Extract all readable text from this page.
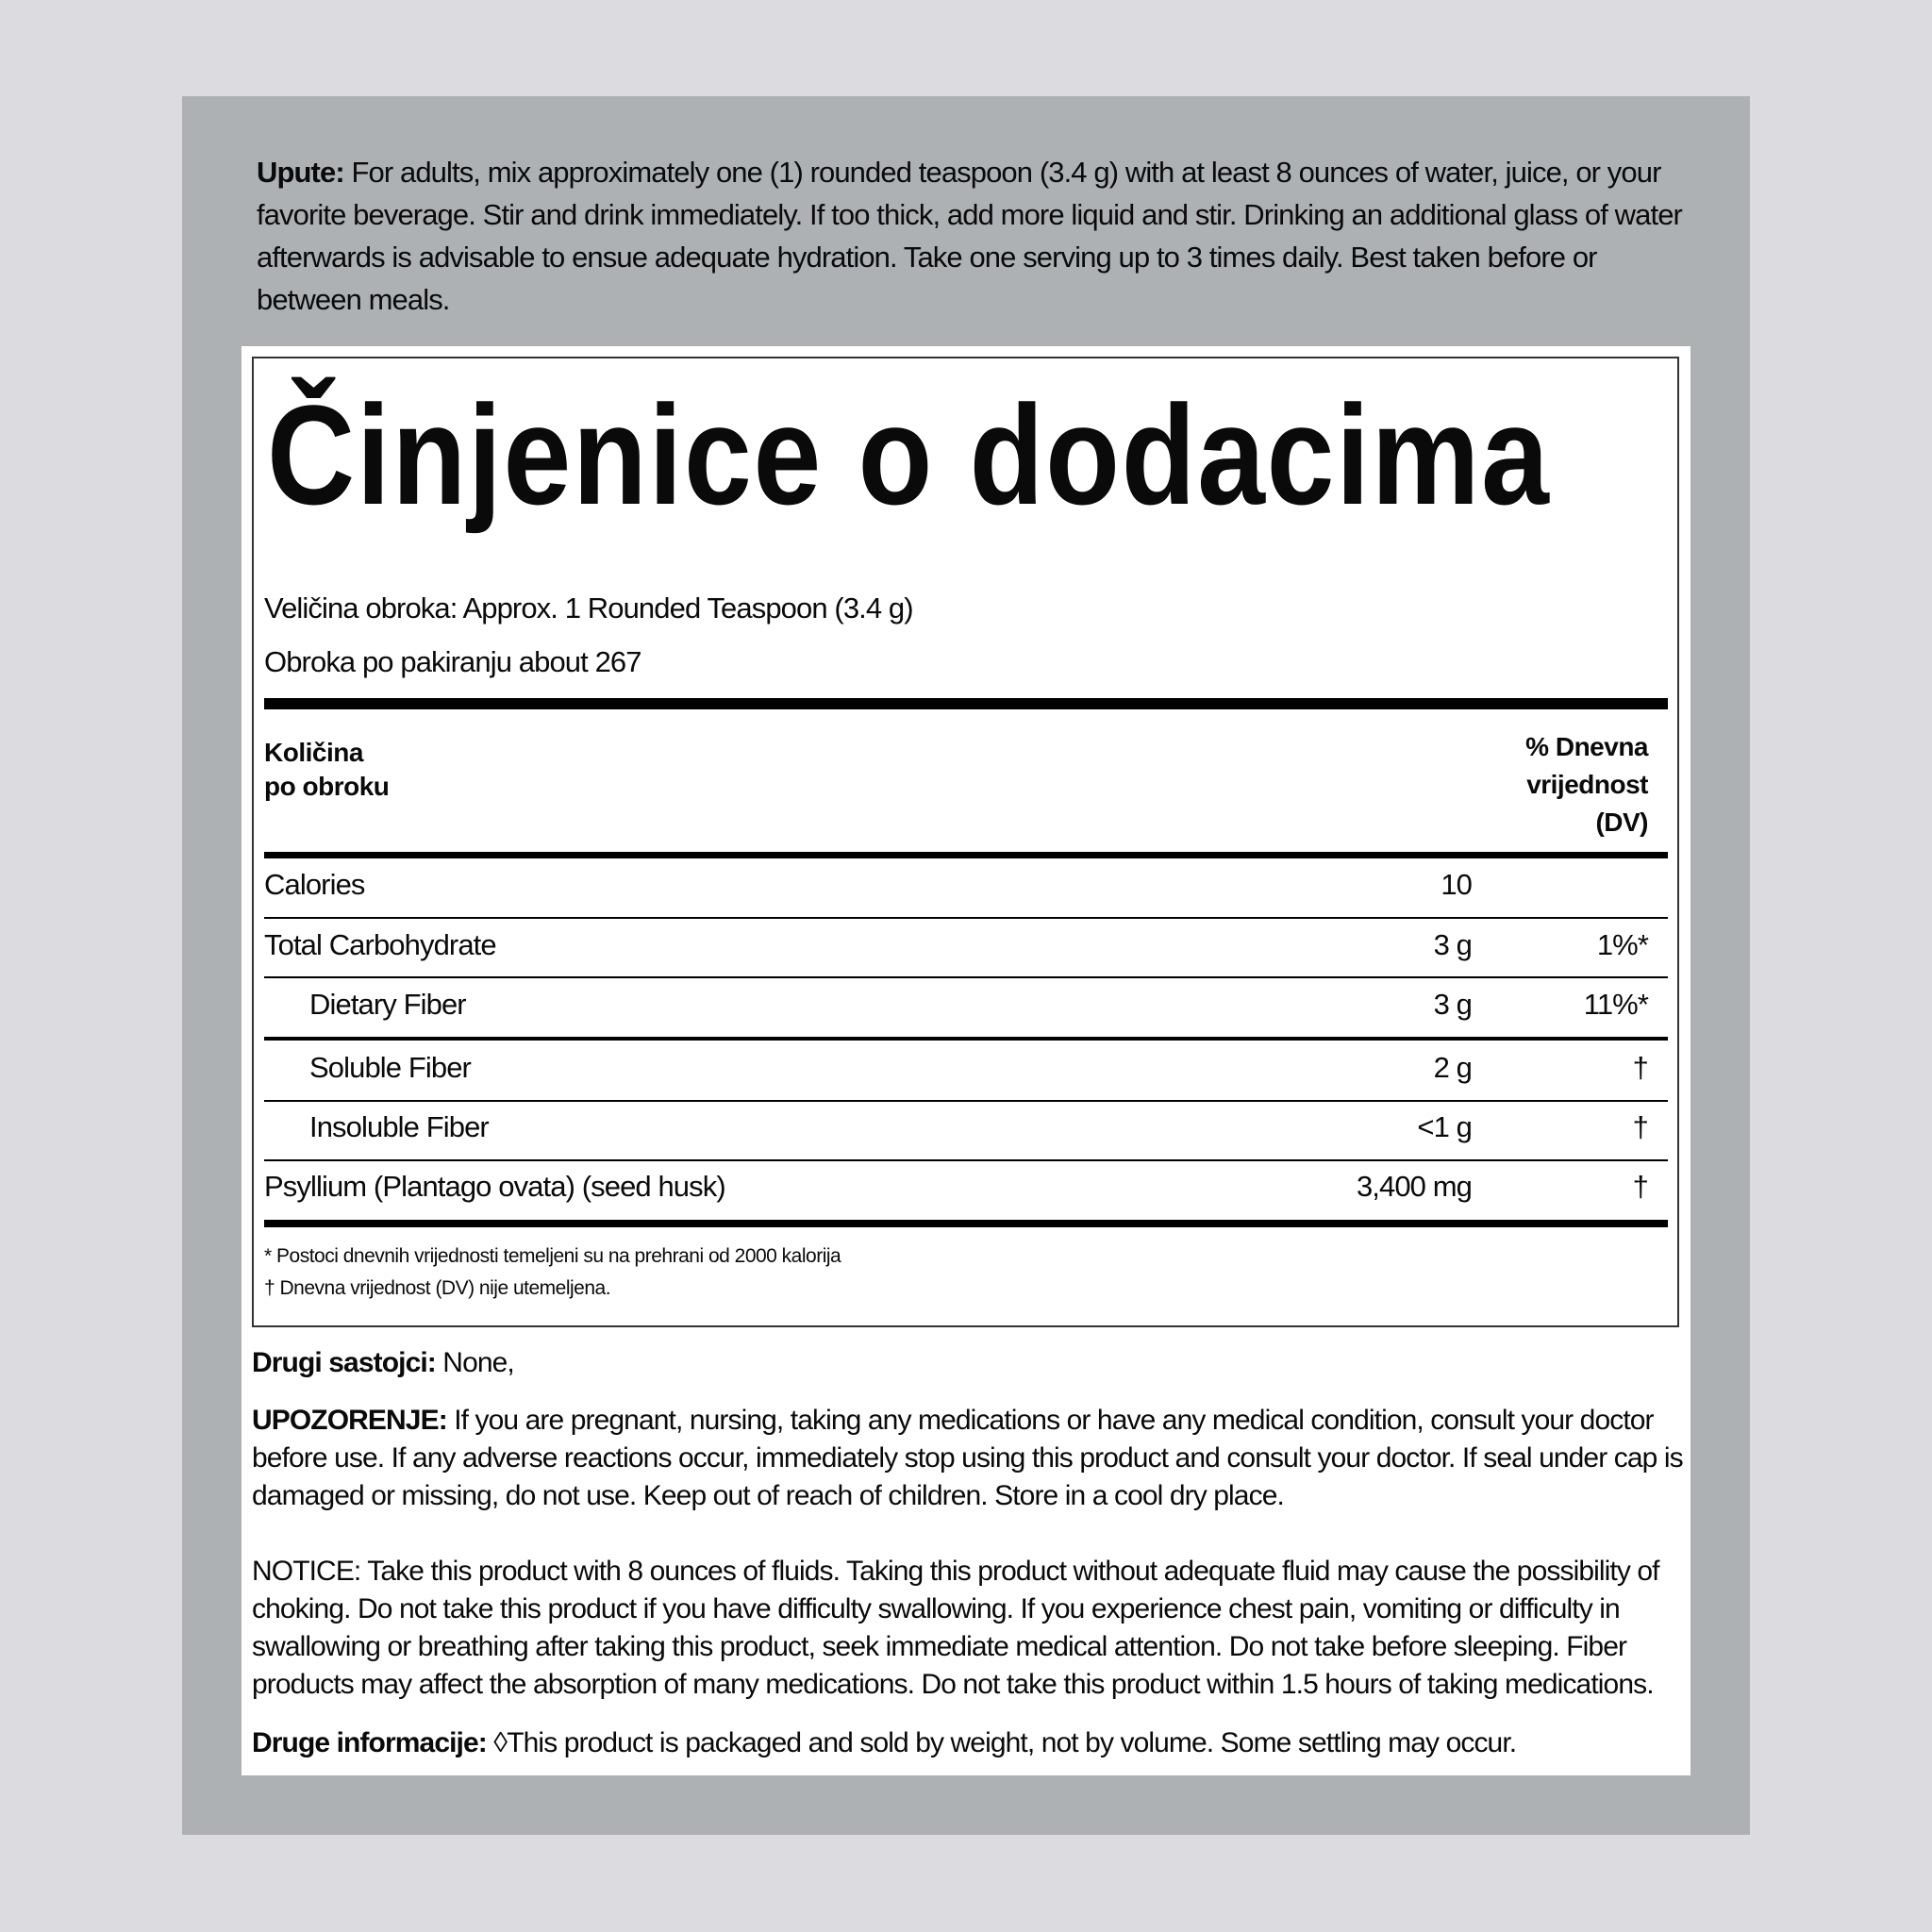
Upute: For adults, mix approximately one (1) rounded teaspoon (3.4 g) with at least 8 ounces of water, juice, or your favorite beverage. Stir and drink immediately. If too thick, add more liquid and stir. Drinking an additional glass of water afterwards is advisable to ensue adequate hydration. Take one serving up to 3 times daily. Best taken before or between meals.
Činjenice o dodacima
Veličina obroka: Approx. 1 Rounded Teaspoon (3.4 g)
Obroka po pakiranju about 267
Količina
po obroku
% Dnevna
vrijednost
(DV)
Calories	10
Total Carbohydrate	3 g	1%*
Dietary Fiber	3 g	11%*
Soluble Fiber	2 g	†
Insoluble Fiber	<1 g	†
Psyllium (Plantago ovata) (seed husk)	3,400 mg	†
* Postoci dnevnih vrijednosti temeljeni su na prehrani od 2000 kalorija
† Dnevna vrijednost (DV) nije utemeljena.
Drugi sastojci: None,
UPOZORENJE: If you are pregnant, nursing, taking any medications or have any medical condition, consult your doctor before use. If any adverse reactions occur, immediately stop using this product and consult your doctor. If seal under cap is damaged or missing, do not use. Keep out of reach of children. Store in a cool dry place.
NOTICE: Take this product with 8 ounces of fluids. Taking this product without adequate fluid may cause the possibility of choking. Do not take this product if you have difficulty swallowing. If you experience chest pain, vomiting or difficulty in swallowing or breathing after taking this product, seek immediate medical attention. Do not take before sleeping. Fiber products may affect the absorption of many medications. Do not take this product within 1.5 hours of taking medications.
Druge informacije: ◊This product is packaged and sold by weight, not by volume. Some settling may occur.
